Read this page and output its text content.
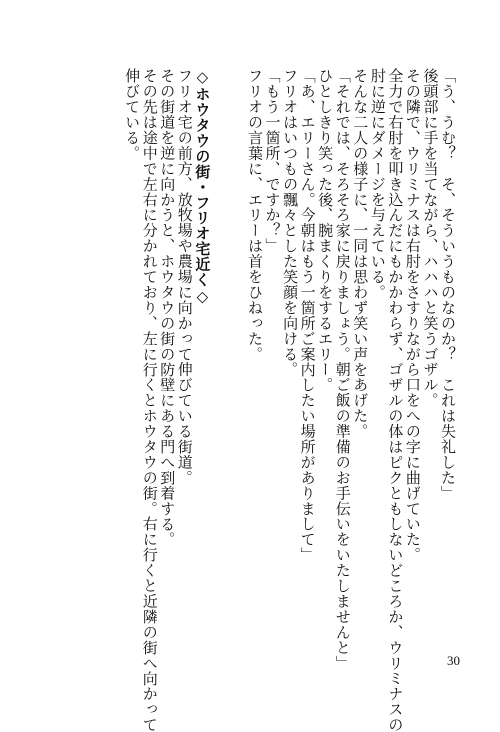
「う、うむ？　そ、そういうものなのか？　これは失礼した」
後頭部に手を当てながら、ハハハと笑うゴザル。
その隣で、ウリミナスは右肘をさすりながら口をへの字に曲げていた。
全力で右肘を叩き込んだにもかかわらず、ゴザルの体はピクともしないどころか、ウリミナスの
肘に逆にダメージを与えている。
そんな二人の様子に、一同は思わず笑い声をあげた。
「それでは、そろそろ家に戻りましょう。朝ご飯の準備のお手伝いをいたしませんと」
ひとしきり笑った後、腕まくりをするエリー。
「あ、エリーさん。今朝はもう一箇所ご案内したい場所がありまして」
フリオはいつもの飄々とした笑顔を向ける。
「もう一箇所、ですか？」
フリオの言葉に、エリーは首をひねった。

◇ホウタウの街・フリオ宅近く◇
フリオ宅の前方、放牧場や農場に向かって伸びている街道。
その街道を逆に向かうと、ホウタウの街の防壁にある門へ到着する。
その先は途中で左右に分かれており、左に行くとホウタウの街。右に行くと近隣の街へ向かって
伸びている。
30
